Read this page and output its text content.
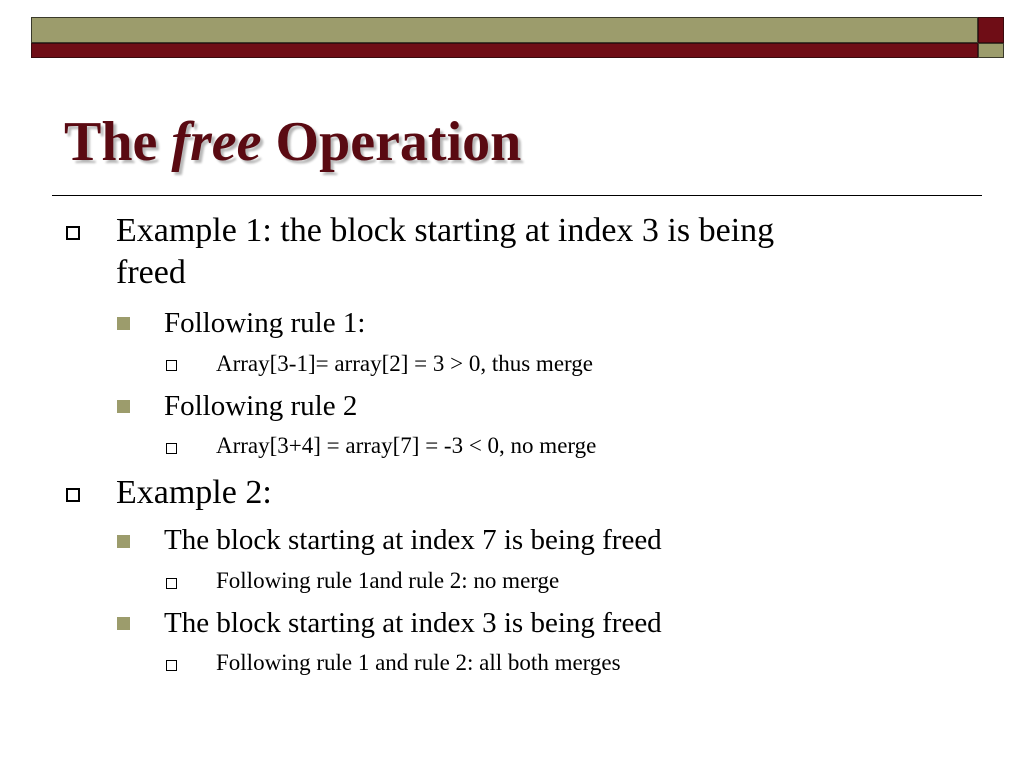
The free Operation
Example 1: the block starting at index 3 is being
freed
Following rule 1:
Array[3-1]= array[2] = 3 > 0, thus merge
Following rule 2
Array[3+4] = array[7] = -3 < 0, no merge
Example 2:
The block starting at index 7 is being freed
Following rule 1and rule 2: no merge
The block starting at index 3 is being freed
Following rule 1 and rule 2: all both merges
